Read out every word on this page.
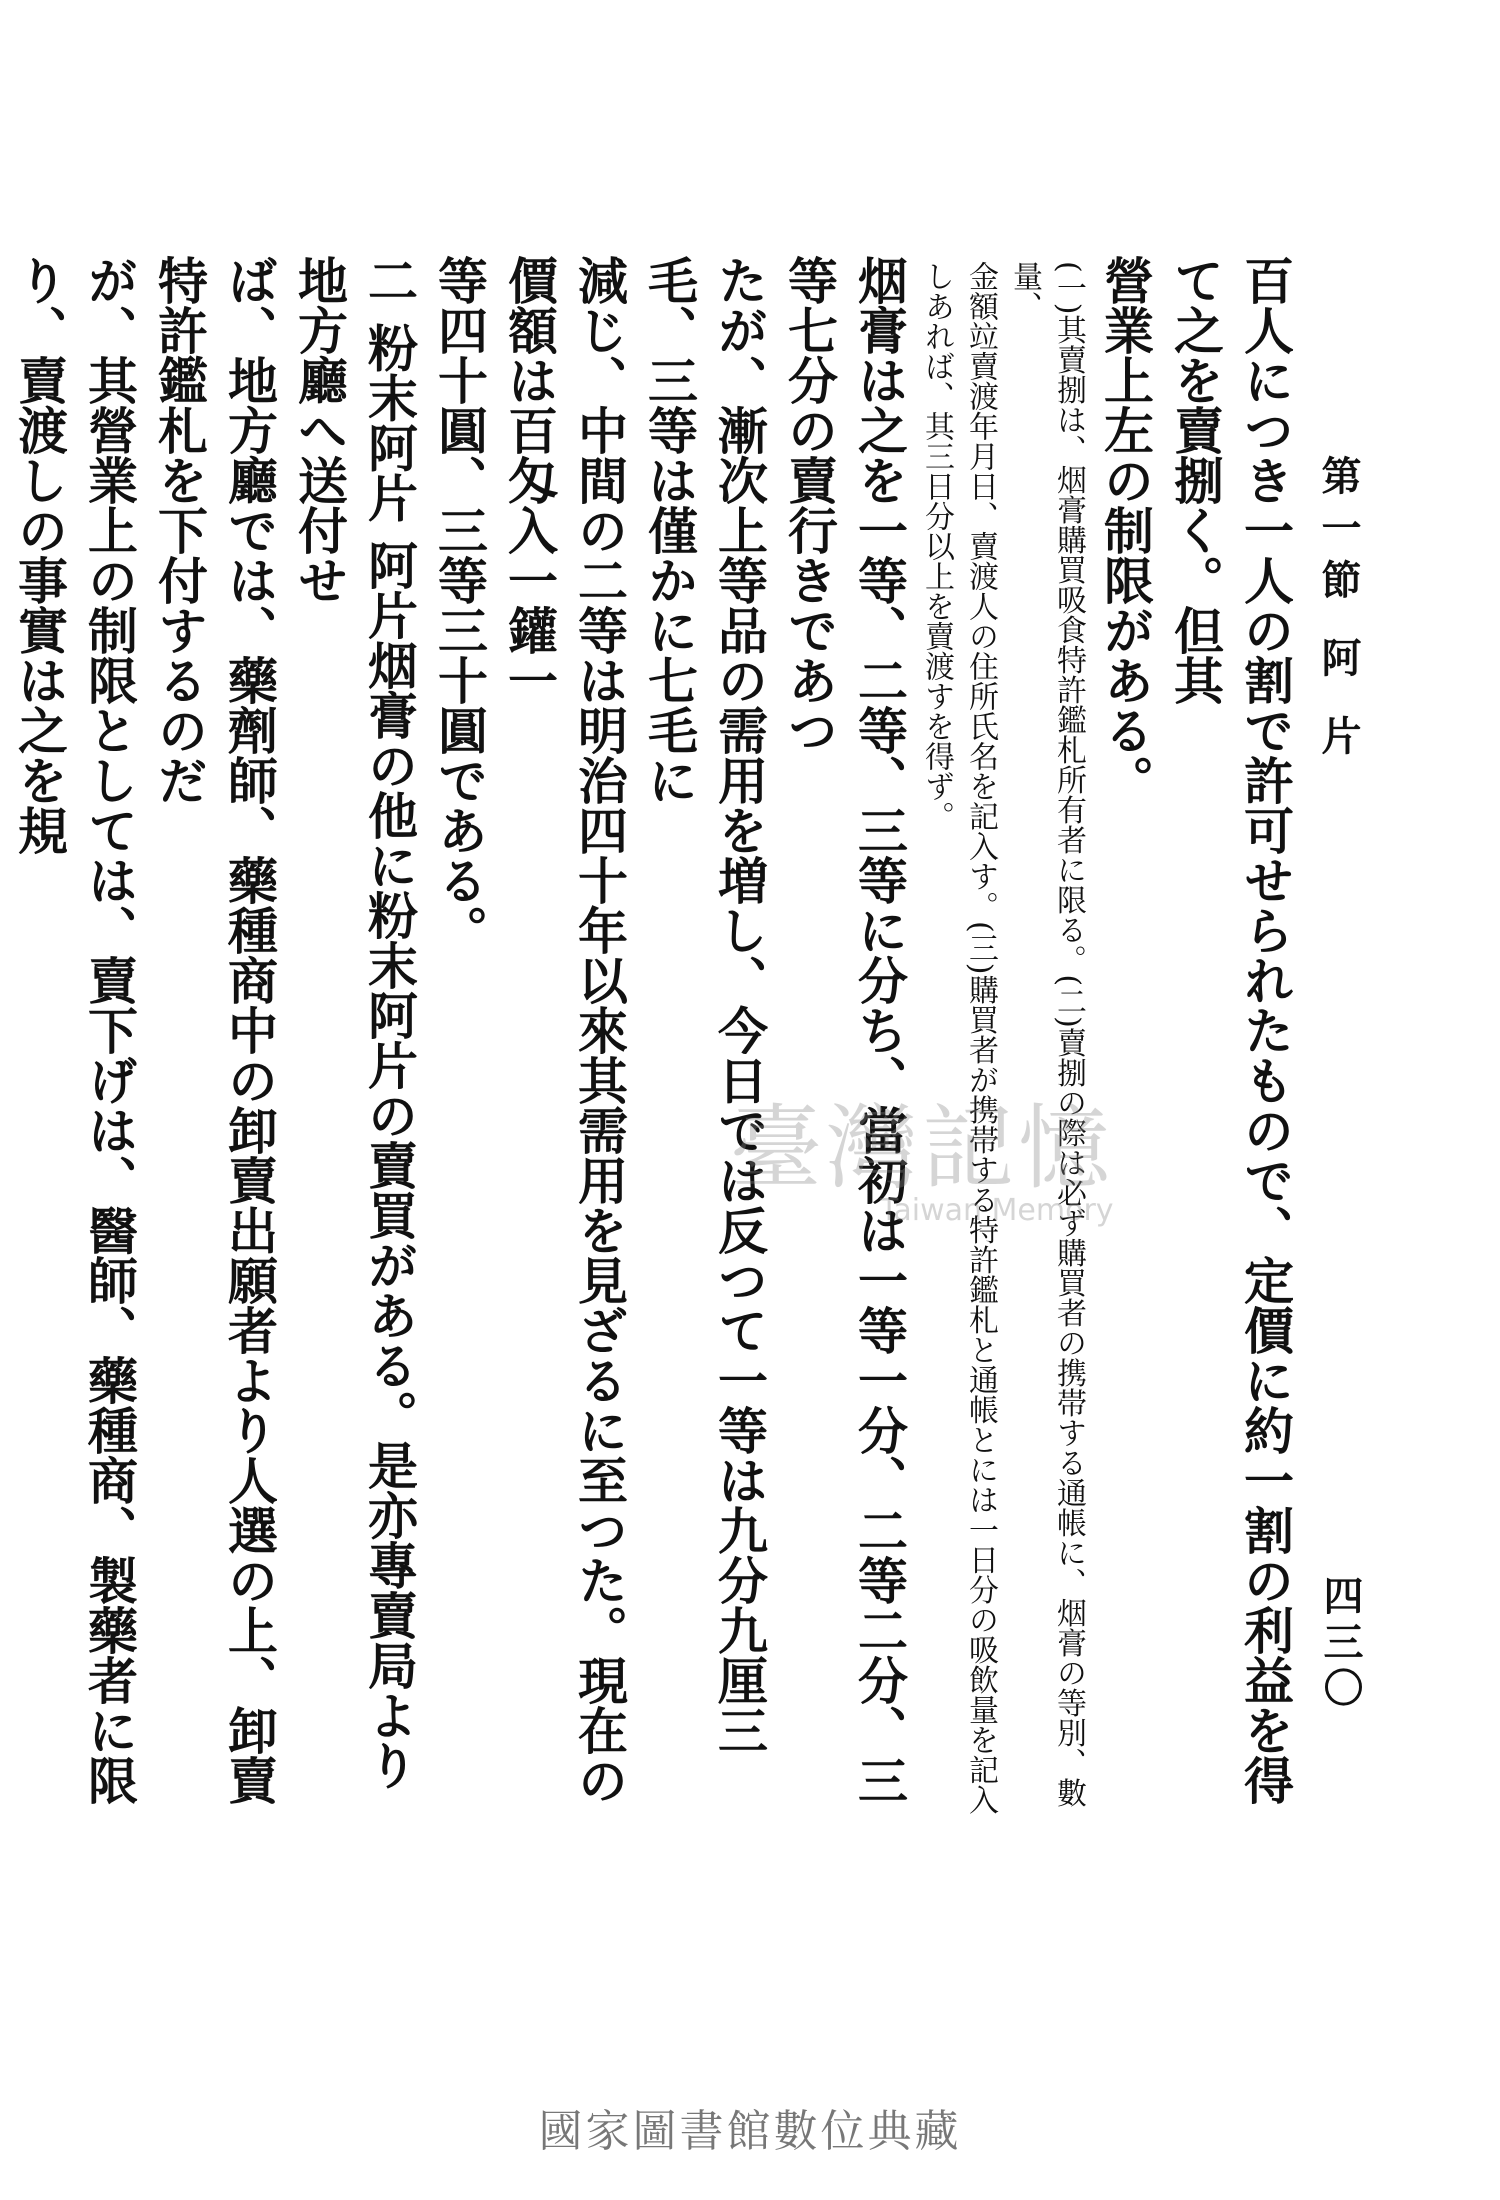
第一節 阿 片
四三〇
百人につき一人の割で許可せられたもので、定價に約一割の利益を得て之を賣捌く。但其
營業上左の制限がある。
(一)其賣捌は、烟膏購買吸食特許鑑札所有者に限る。(二)賣捌の際は必ず購買者の携帯する通帳に、烟膏の等別、數量、
金額竝賣渡年月日、賣渡人の住所氏名を記入す。(三)購買者が携帯する特許鑑札と通帳とには一日分の吸飲量を記入
しあれば、其三日分以上を賣渡すを得ず。
烟膏は之を一等、二等、三等に分ち、當初は一等一分、二等二分、三等七分の賣行きであつ
たが、漸次上等品の需用を増し、今日では反つて一等は九分九厘三毛、三等は僅かに七毛に
減じ、中間の二等は明治四十年以來其需用を見ざるに至つた。現在の價額は百匁入一鑵一
等四十圓、三等三十圓である。
二 粉末阿片 阿片烟膏の他に粉末阿片の賣買がある。是亦專賣局より地方廳へ送付せ
ば、地方廳では、藥劑師、藥種商中の卸賣出願者より人選の上、卸賣特許鑑札を下付するのだ
が、其營業上の制限としては、賣下げは、醫師、藥種商、製藥者に限り、賣渡しの事實は之を規
臺灣記憶
Taiwan Memory
國家圖書館數位典藏
